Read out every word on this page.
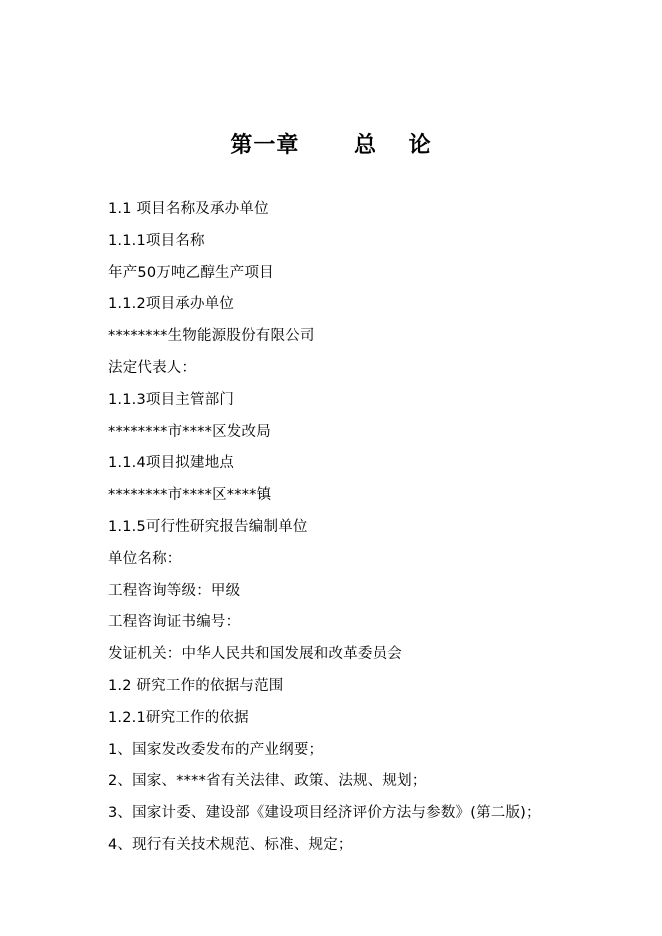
第一章　　 总　 论
1.1 项目名称及承办单位
1.1.1项目名称
年产50万吨乙醇生产项目
1.1.2项目承办单位
********生物能源股份有限公司
法定代表人：
1.1.3项目主管部门
********市****区发改局
1.1.4项目拟建地点
********市****区****镇
1.1.5可行性研究报告编制单位
单位名称：
工程咨询等级：甲级
工程咨询证书编号：
发证机关：中华人民共和国发展和改革委员会
1.2 研究工作的依据与范围
1.2.1研究工作的依据
1、国家发改委发布的产业纲要；
2、国家、****省有关法律、政策、法规、规划；
3、国家计委、建设部《建设项目经济评价方法与参数》(第二版)；
4、现行有关技术规范、标准、规定；
